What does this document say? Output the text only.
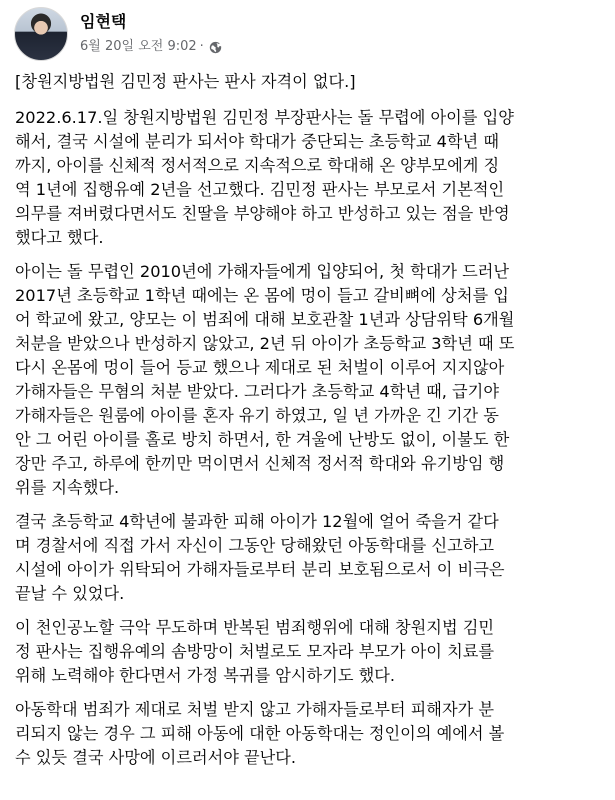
임현택
6월 20일 오전 9:02 ·
[창원지방법원 김민정 판사는 판사 자격이 없다.]
2022.6.17.일 창원지방법원 김민정 부장판사는 돌 무렵에 아이를 입양
해서, 결국 시설에 분리가 되서야 학대가 중단되는 초등학교 4학년 때
까지, 아이를 신체적 정서적으로 지속적으로 학대해 온 양부모에게 징
역 1년에 집행유예 2년을 선고했다. 김민정 판사는 부모로서 기본적인
의무를 져버렸다면서도 친딸을 부양해야 하고 반성하고 있는 점을 반영
했다고 했다.
아이는 돌 무렵인 2010년에 가해자들에게 입양되어, 첫 학대가 드러난
2017년 초등학교 1학년 때에는 온 몸에 멍이 들고 갈비뼈에 상처를 입
어 학교에 왔고, 양모는 이 범죄에 대해 보호관찰 1년과 상담위탁 6개월
처분을 받았으나 반성하지 않았고, 2년 뒤 아이가 초등학교 3학년 때 또
다시 온몸에 멍이 들어 등교 했으나 제대로 된 처벌이 이루어 지지않아
가해자들은 무혐의 처분 받았다. 그러다가 초등학교 4학년 때, 급기야
가해자들은 원룸에 아이를 혼자 유기 하였고, 일 년 가까운 긴 기간 동
안 그 어린 아이를 홀로 방치 하면서, 한 겨울에 난방도 없이, 이불도 한
장만 주고, 하루에 한끼만 먹이면서 신체적 정서적 학대와 유기방임 행
위를 지속했다.
결국 초등학교 4학년에 불과한 피해 아이가 12월에 얼어 죽을거 같다
며 경찰서에 직접 가서 자신이 그동안 당해왔던 아동학대를 신고하고
시설에 아이가 위탁되어 가해자들로부터 분리 보호됨으로서 이 비극은
끝날 수 있었다.
이 천인공노할 극악 무도하며 반복된 범죄행위에 대해 창원지법 김민
정 판사는 집행유예의 솜방망이 처벌로도 모자라 부모가 아이 치료를
위해 노력해야 한다면서 가정 복귀를 암시하기도 했다.
아동학대 범죄가 제대로 처벌 받지 않고 가해자들로부터 피해자가 분
리되지 않는 경우 그 피해 아동에 대한 아동학대는 정인이의 예에서 볼
수 있듯 결국 사망에 이르러서야 끝난다.
